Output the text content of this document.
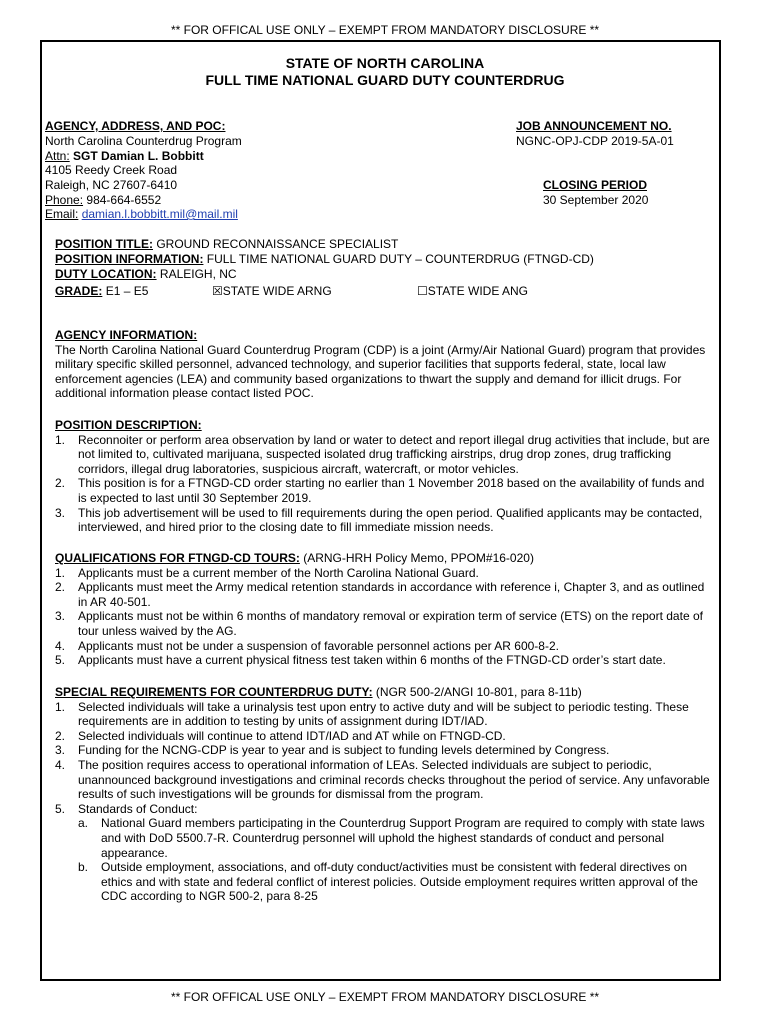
** FOR OFFICAL USE ONLY – EXEMPT FROM MANDATORY DISCLOSURE **
STATE OF NORTH CAROLINA
FULL TIME NATIONAL GUARD DUTY COUNTERDRUG
AGENCY, ADDRESS, AND POC:
North Carolina Counterdrug Program
Attn: SGT Damian L. Bobbitt
4105 Reedy Creek Road
Raleigh, NC 27607-6410
Phone: 984-664-6552
Email: damian.l.bobbitt.mil@mail.mil
JOB ANNOUNCEMENT NO.
NGNC-OPJ-CDP 2019-5A-01
CLOSING PERIOD
30 September 2020
POSITION TITLE: GROUND RECONNAISSANCE SPECIALIST
POSITION INFORMATION: FULL TIME NATIONAL GUARD DUTY – COUNTERDRUG (FTNGD-CD)
DUTY LOCATION: RALEIGH, NC
GRADE: E1 – E5	☒STATE WIDE ARNG	☐STATE WIDE ANG
AGENCY INFORMATION:
The North Carolina National Guard Counterdrug Program (CDP) is a joint (Army/Air National Guard) program that provides military specific skilled personnel, advanced technology, and superior facilities that supports federal, state, local law enforcement agencies (LEA) and community based organizations to thwart the supply and demand for illicit drugs. For additional information please contact listed POC.
POSITION DESCRIPTION:
1. Reconnoiter or perform area observation by land or water to detect and report illegal drug activities that include, but are not limited to, cultivated marijuana, suspected isolated drug trafficking airstrips, drug drop zones, drug trafficking corridors, illegal drug laboratories, suspicious aircraft, watercraft, or motor vehicles.
2. This position is for a FTNGD-CD order starting no earlier than 1 November 2018 based on the availability of funds and is expected to last until 30 September 2019.
3. This job advertisement will be used to fill requirements during the open period. Qualified applicants may be contacted, interviewed, and hired prior to the closing date to fill immediate mission needs.
QUALIFICATIONS FOR FTNGD-CD TOURS: (ARNG-HRH Policy Memo, PPOM#16-020)
1. Applicants must be a current member of the North Carolina National Guard.
2. Applicants must meet the Army medical retention standards in accordance with reference i, Chapter 3, and as outlined in AR 40-501.
3. Applicants must not be within 6 months of mandatory removal or expiration term of service (ETS) on the report date of tour unless waived by the AG.
4. Applicants must not be under a suspension of favorable personnel actions per AR 600-8-2.
5. Applicants must have a current physical fitness test taken within 6 months of the FTNGD-CD order’s start date.
SPECIAL REQUIREMENTS FOR COUNTERDRUG DUTY: (NGR 500-2/ANGI 10-801, para 8-11b)
1. Selected individuals will take a urinalysis test upon entry to active duty and will be subject to periodic testing. These requirements are in addition to testing by units of assignment during IDT/IAD.
2. Selected individuals will continue to attend IDT/IAD and AT while on FTNGD-CD.
3. Funding for the NCNG-CDP is year to year and is subject to funding levels determined by Congress.
4. The position requires access to operational information of LEAs. Selected individuals are subject to periodic, unannounced background investigations and criminal records checks throughout the period of service. Any unfavorable results of such investigations will be grounds for dismissal from the program.
5. Standards of Conduct:
a. National Guard members participating in the Counterdrug Support Program are required to comply with state laws and with DoD 5500.7-R. Counterdrug personnel will uphold the highest standards of conduct and personal appearance.
b. Outside employment, associations, and off-duty conduct/activities must be consistent with federal directives on ethics and with state and federal conflict of interest policies. Outside employment requires written approval of the CDC according to NGR 500-2, para 8-25
** FOR OFFICAL USE ONLY – EXEMPT FROM MANDATORY DISCLOSURE **
